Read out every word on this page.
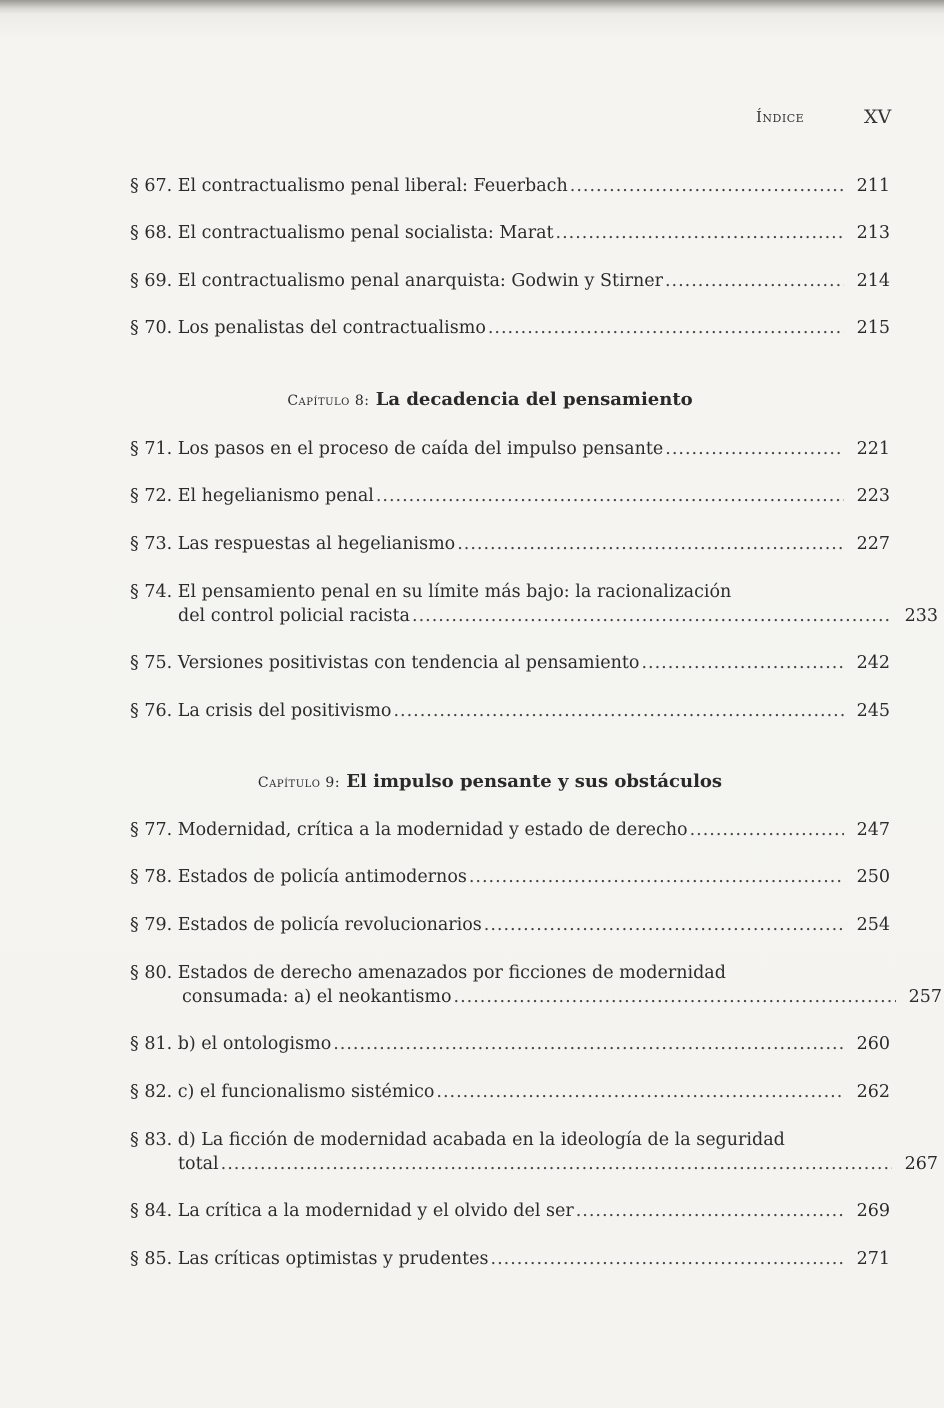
Índice	XV
§ 67. El contractualismo penal liberal: Feuerbach .....	211
§ 68. El contractualismo penal socialista: Marat .....	213
§ 69. El contractualismo penal anarquista: Godwin y Stirner .....	214
§ 70. Los penalistas del contractualismo .....	215
Capítulo 8: La decadencia del pensamiento
§ 71. Los pasos en el proceso de caída del impulso pensante .....	221
§ 72. El hegelianismo penal .....	223
§ 73. Las respuestas al hegelianismo .....	227
§ 74. El pensamiento penal en su límite más bajo: la racionalización
del control policial racista .....	233
§ 75. Versiones positivistas con tendencia al pensamiento .....	242
§ 76. La crisis del positivismo .....	245
Capítulo 9: El impulso pensante y sus obstáculos
§ 77. Modernidad, crítica a la modernidad y estado de derecho .....	247
§ 78. Estados de policía antimodernos .....	250
§ 79. Estados de policía revolucionarios .....	254
§ 80. Estados de derecho amenazados por ficciones de modernidad
consumada: a) el neokantismo .....	257
§ 81. b) el ontologismo .....	260
§ 82. c) el funcionalismo sistémico .....	262
§ 83. d) La ficción de modernidad acabada en la ideología de la seguridad
total .....	267
§ 84. La crítica a la modernidad y el olvido del ser .....	269
§ 85. Las críticas optimistas y prudentes .....	271
